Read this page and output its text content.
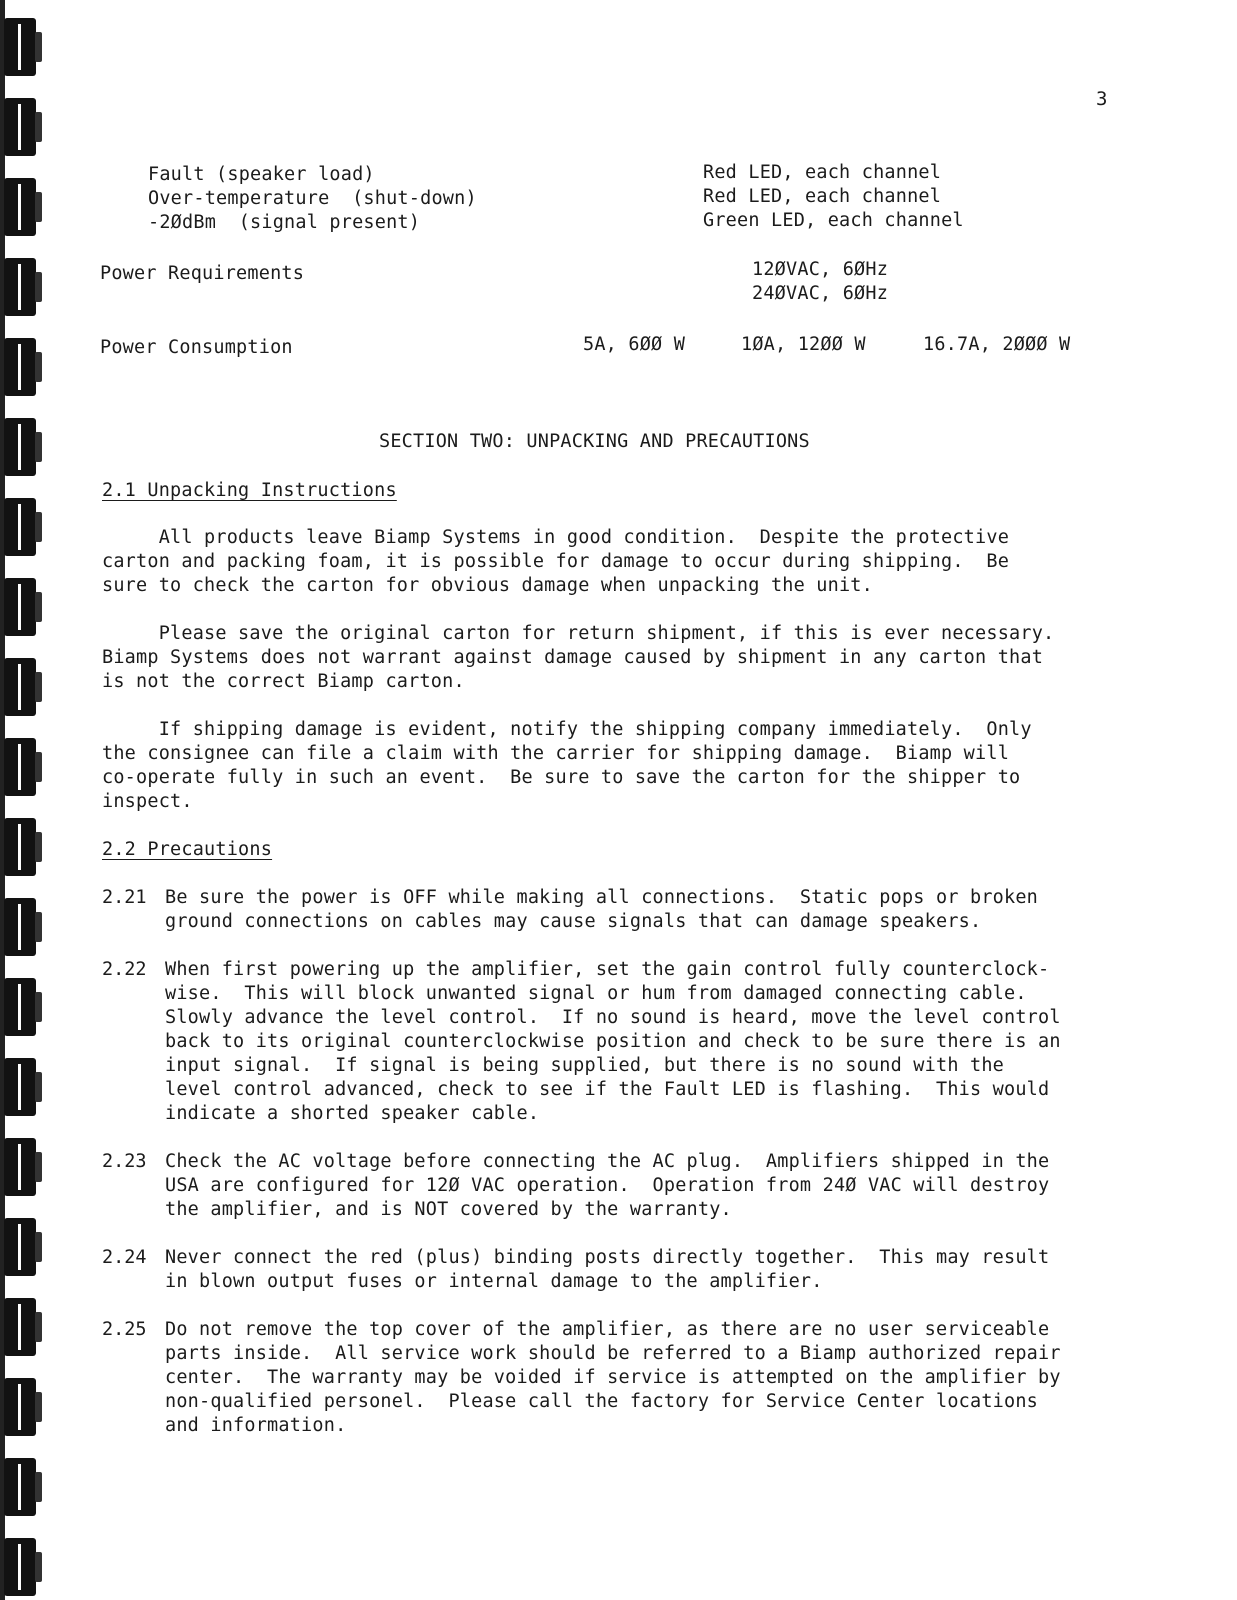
3
Fault (speaker load)	Red LED, each channel
Over-temperature  (shut-down)	Red LED, each channel
-2ØdBm  (signal present)	Green LED, each channel
Power Requirements	12ØVAC, 6ØHz
24ØVAC, 6ØHz
Power Consumption	5A, 6ØØ W	1ØA, 12ØØ W	16.7A, 2ØØØ W
SECTION TWO: UNPACKING AND PRECAUTIONS
2.1 Unpacking Instructions
All products leave Biamp Systems in good condition.  Despite the protective
carton and packing foam, it is possible for damage to occur during shipping.  Be
sure to check the carton for obvious damage when unpacking the unit.
Please save the original carton for return shipment, if this is ever necessary.
Biamp Systems does not warrant against damage caused by shipment in any carton that
is not the correct Biamp carton.
If shipping damage is evident, notify the shipping company immediately.  Only
the consignee can file a claim with the carrier for shipping damage.  Biamp will
co-operate fully in such an event.  Be sure to save the carton for the shipper to
inspect.
2.2 Precautions
2.21 Be sure the power is OFF while making all connections.  Static pops or broken
ground connections on cables may cause signals that can damage speakers.
2.22 When first powering up the amplifier, set the gain control fully counterclock-
wise.  This will block unwanted signal or hum from damaged connecting cable.
Slowly advance the level control.  If no sound is heard, move the level control
back to its original counterclockwise position and check to be sure there is an
input signal.  If signal is being supplied, but there is no sound with the
level control advanced, check to see if the Fault LED is flashing.  This would
indicate a shorted speaker cable.
2.23 Check the AC voltage before connecting the AC plug.  Amplifiers shipped in the
USA are configured for 12Ø VAC operation.  Operation from 24Ø VAC will destroy
the amplifier, and is NOT covered by the warranty.
2.24 Never connect the red (plus) binding posts directly together.  This may result
in blown output fuses or internal damage to the amplifier.
2.25 Do not remove the top cover of the amplifier, as there are no user serviceable
parts inside.  All service work should be referred to a Biamp authorized repair
center.  The warranty may be voided if service is attempted on the amplifier by
non-qualified personel.  Please call the factory for Service Center locations
and information.
